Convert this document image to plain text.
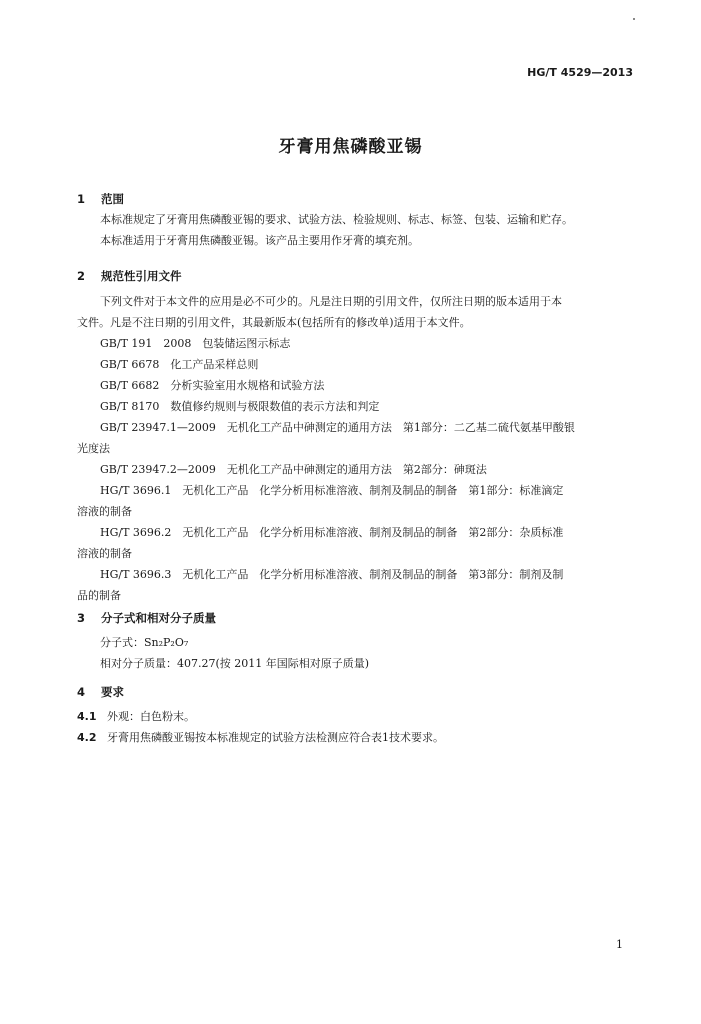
HG/T 4529—2013
牙膏用焦磷酸亚锡
1 范围
本标准规定了牙膏用焦磷酸亚锡的要求、试验方法、检验规则、标志、标签、包装、运输和贮存。
本标准适用于牙膏用焦磷酸亚锡。该产品主要用作牙膏的填充剂。
2 规范性引用文件
下列文件对于本文件的应用是必不可少的。凡是注日期的引用文件，仅所注日期的版本适用于本
文件。凡是不注日期的引用文件，其最新版本(包括所有的修改单)适用于本文件。
GB/T 191　2008　包装储运图示标志
GB/T 6678　化工产品采样总则
GB/T 6682　分析实验室用水规格和试验方法
GB/T 8170　数值修约规则与极限数值的表示方法和判定
GB/T 23947.1—2009　无机化工产品中砷测定的通用方法　第1部分：二乙基二硫代氨基甲酸银
光度法
GB/T 23947.2—2009　无机化工产品中砷测定的通用方法　第2部分：砷斑法
HG/T 3696.1　无机化工产品　化学分析用标准溶液、制剂及制品的制备　第1部分：标准滴定
溶液的制备
HG/T 3696.2　无机化工产品　化学分析用标准溶液、制剂及制品的制备　第2部分：杂质标准
溶液的制备
HG/T 3696.3　无机化工产品　化学分析用标准溶液、制剂及制品的制备　第3部分：制剂及制
品的制备
3 分子式和相对分子质量
分子式：Sn₂P₂O₇
相对分子质量：407.27(按 2011 年国际相对原子质量)
4 要求
4.1 外观：白色粉末。
4.2 牙膏用焦磷酸亚锡按本标准规定的试验方法检测应符合表1技术要求。
1
